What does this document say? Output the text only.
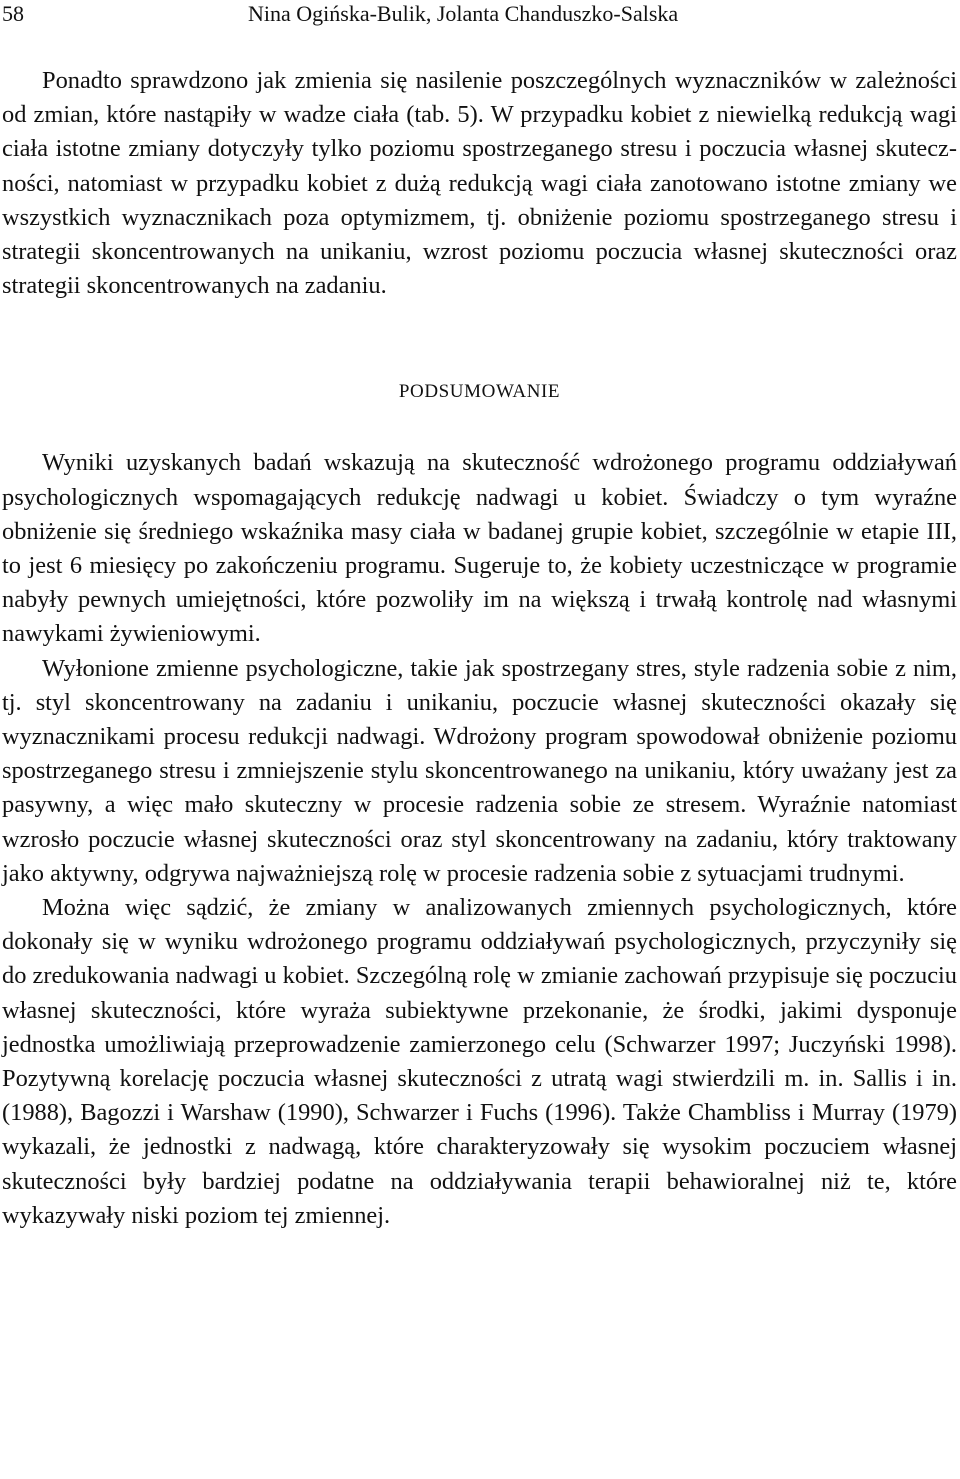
58	Nina Ogińska-Bulik, Jolanta Chanduszko-Salska

Ponadto sprawdzono jak zmienia się nasilenie poszczególnych wyznaczników w zależności od zmian, które nastąpiły w wadze ciała (tab. 5). W przypadku kobiet z niewielką redukcją wagi ciała istotne zmiany dotyczyły tylko poziomu spostrzeganego stresu i poczucia własnej skuteczności, natomiast w przypadku kobiet z dużą redukcją wagi ciała zanotowano istotne zmiany we wszystkich wyznacznikach poza optymizmem, tj. obniżenie poziomu spostrzeganego stresu i strategii skoncentrowanych na unikaniu, wzrost poziomu poczucia własnej skuteczności oraz strategii skoncentrowanych na zadaniu.

PODSUMOWANIE

Wyniki uzyskanych badań wskazują na skuteczność wdrożonego programu oddziaływań psychologicznych wspomagających redukcję nadwagi u kobiet. Świadczy o tym wyraźne obniżenie się średniego wskaźnika masy ciała w badanej grupie kobiet, szczególnie w etapie III, to jest 6 miesięcy po zakończeniu programu. Sugeruje to, że kobiety uczestniczące w programie nabyły pewnych umiejętności, które pozwoliły im na większą i trwałą kontrolę nad własnymi nawykami żywieniowymi.

Wyłonione zmienne psychologiczne, takie jak spostrzegany stres, style radzenia sobie z nim, tj. styl skoncentrowany na zadaniu i unikaniu, poczucie własnej skuteczności okazały się wyznacznikami procesu redukcji nadwagi. Wdrożony program spowodował obniżenie poziomu spostrzeganego stresu i zmniejszenie stylu skoncentrowanego na unikaniu, który uważany jest za pasywny, a więc mało skuteczny w procesie radzenia sobie ze stresem. Wyraźnie natomiast wzrosło poczucie własnej skuteczności oraz styl skoncentrowany na zadaniu, który traktowany jako aktywny, odgrywa najważniejszą rolę w procesie radzenia sobie z sytuacjami trudnymi.

Można więc sądzić, że zmiany w analizowanych zmiennych psychologicznych, które dokonały się w wyniku wdrożonego programu oddziaływań psychologicznych, przyczyniły się do zredukowania nadwagi u kobiet. Szczególną rolę w zmianie zachowań przypisuje się poczuciu własnej skuteczności, które wyraża subiektywne przekonanie, że środki, jakimi dysponuje jednostka umożliwiają przeprowadzenie zamierzonego celu (Schwarzer 1997; Juczyński 1998). Pozytywną korelację poczucia własnej skuteczności z utratą wagi stwierdzili m. in. Sallis i in. (1988), Bagozzi i Warshaw (1990), Schwarzer i Fuchs (1996). Także Chambliss i Murray (1979) wykazali, że jednostki z nadwagą, które charakteryzowały się wysokim poczuciem własnej skuteczności były bardziej podatne na oddziaływania terapii behawioralnej niż te, które wykazywały niski poziom tej zmiennej.
